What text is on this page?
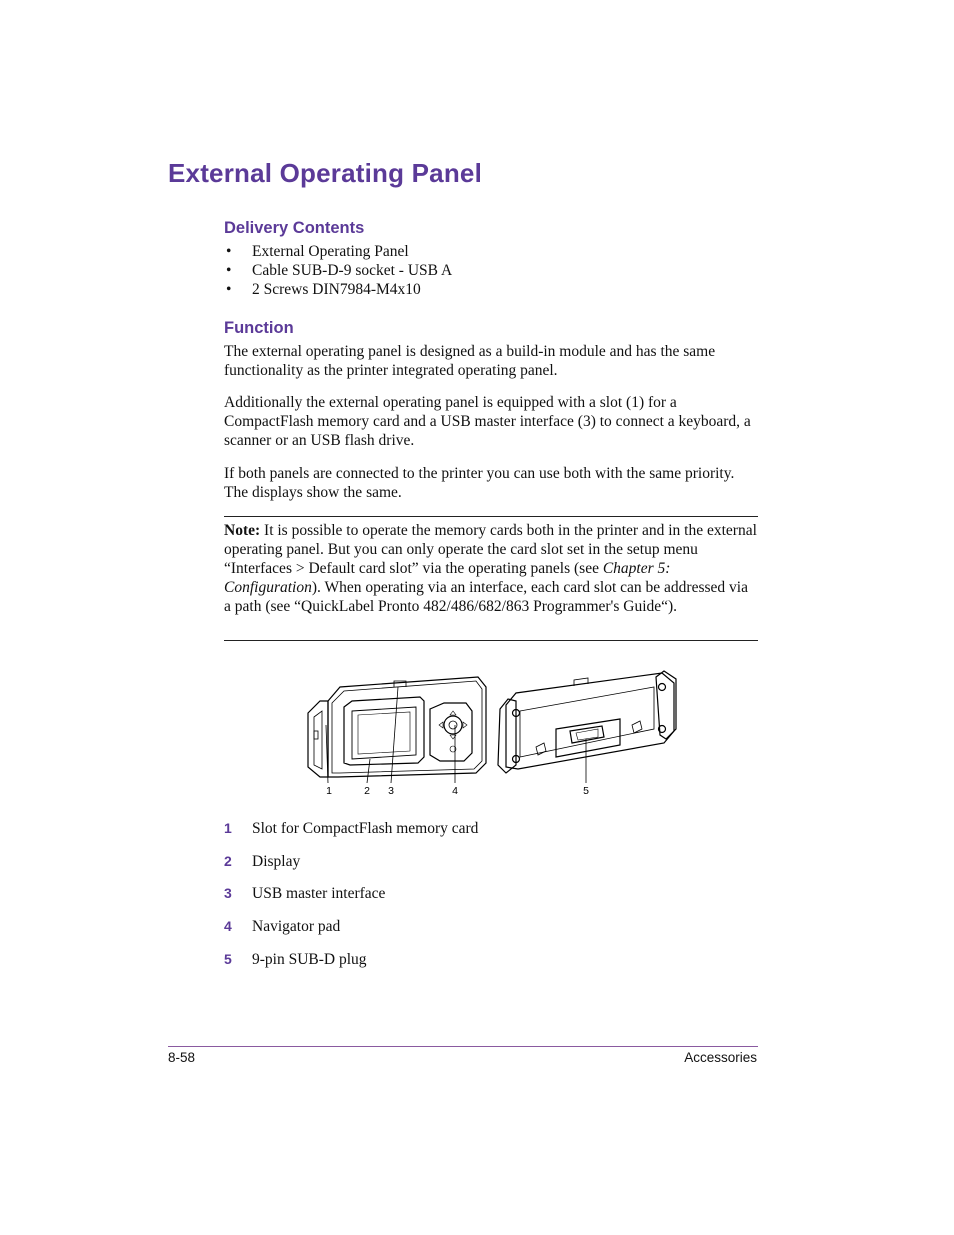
External Operating Panel
Delivery Contents
• External Operating Panel
• Cable SUB-D-9 socket - USB A
• 2 Screws DIN7984-M4x10
Function

The external operating panel is designed as a build-in module and has the same functionality as the printer integrated operating panel.

Additionally the external operating panel is equipped with a slot (1) for a CompactFlash memory card and a USB master interface (3) to connect a keyboard, a scanner or an USB flash drive.

If both panels are connected to the printer you can use both with the same priority. The displays show the same.

Note: It is possible to operate the memory cards both in the printer and in the external operating panel. But you can only operate the card slot set in the setup menu “Interfaces > Default card slot” via the operating panels (see Chapter 5: Configuration). When operating via an interface, each card slot can be addressed via a path (see “QuickLabel Pronto 482/486/682/863 Programmer's Guide“).

1	2 3	4	5
1 Slot for CompactFlash memory card
2 Display
3 USB master interface
4 Navigator pad
5 9-pin SUB-D plug
8-58	Accessories
